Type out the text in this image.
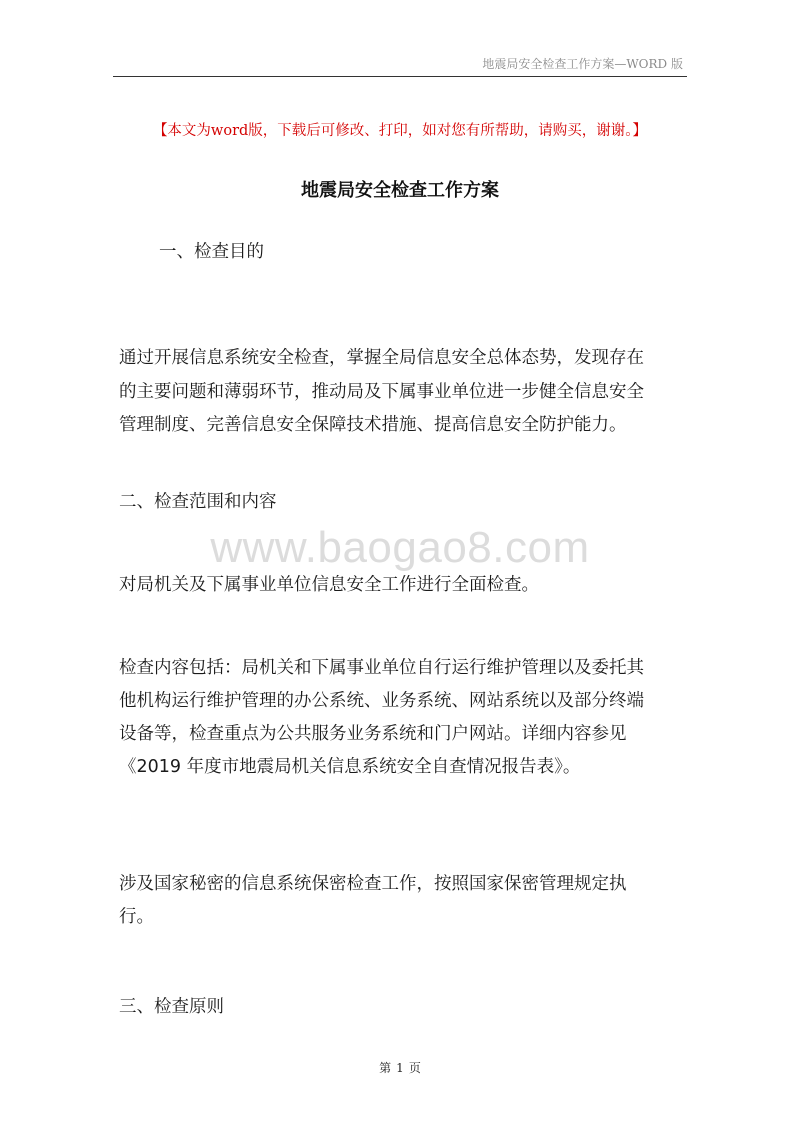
地震局安全检查工作方案—WORD 版
【本文为word版，下载后可修改、打印，如对您有所帮助，请购买，谢谢。】
地震局安全检查工作方案
一、检查目的
通过开展信息系统安全检查，掌握全局信息安全总体态势，发现存在
的主要问题和薄弱环节，推动局及下属事业单位进一步健全信息安全
管理制度、完善信息安全保障技术措施、提高信息安全防护能力。
二、检查范围和内容
www.baogao8.com
对局机关及下属事业单位信息安全工作进行全面检查。
检查内容包括：局机关和下属事业单位自行运行维护管理以及委托其
他机构运行维护管理的办公系统、业务系统、网站系统以及部分终端
设备等，检查重点为公共服务业务系统和门户网站。详细内容参见
《2019 年度市地震局机关信息系统安全自查情况报告表》。
涉及国家秘密的信息系统保密检查工作，按照国家保密管理规定执
行。
三、检查原则
第 1 页
